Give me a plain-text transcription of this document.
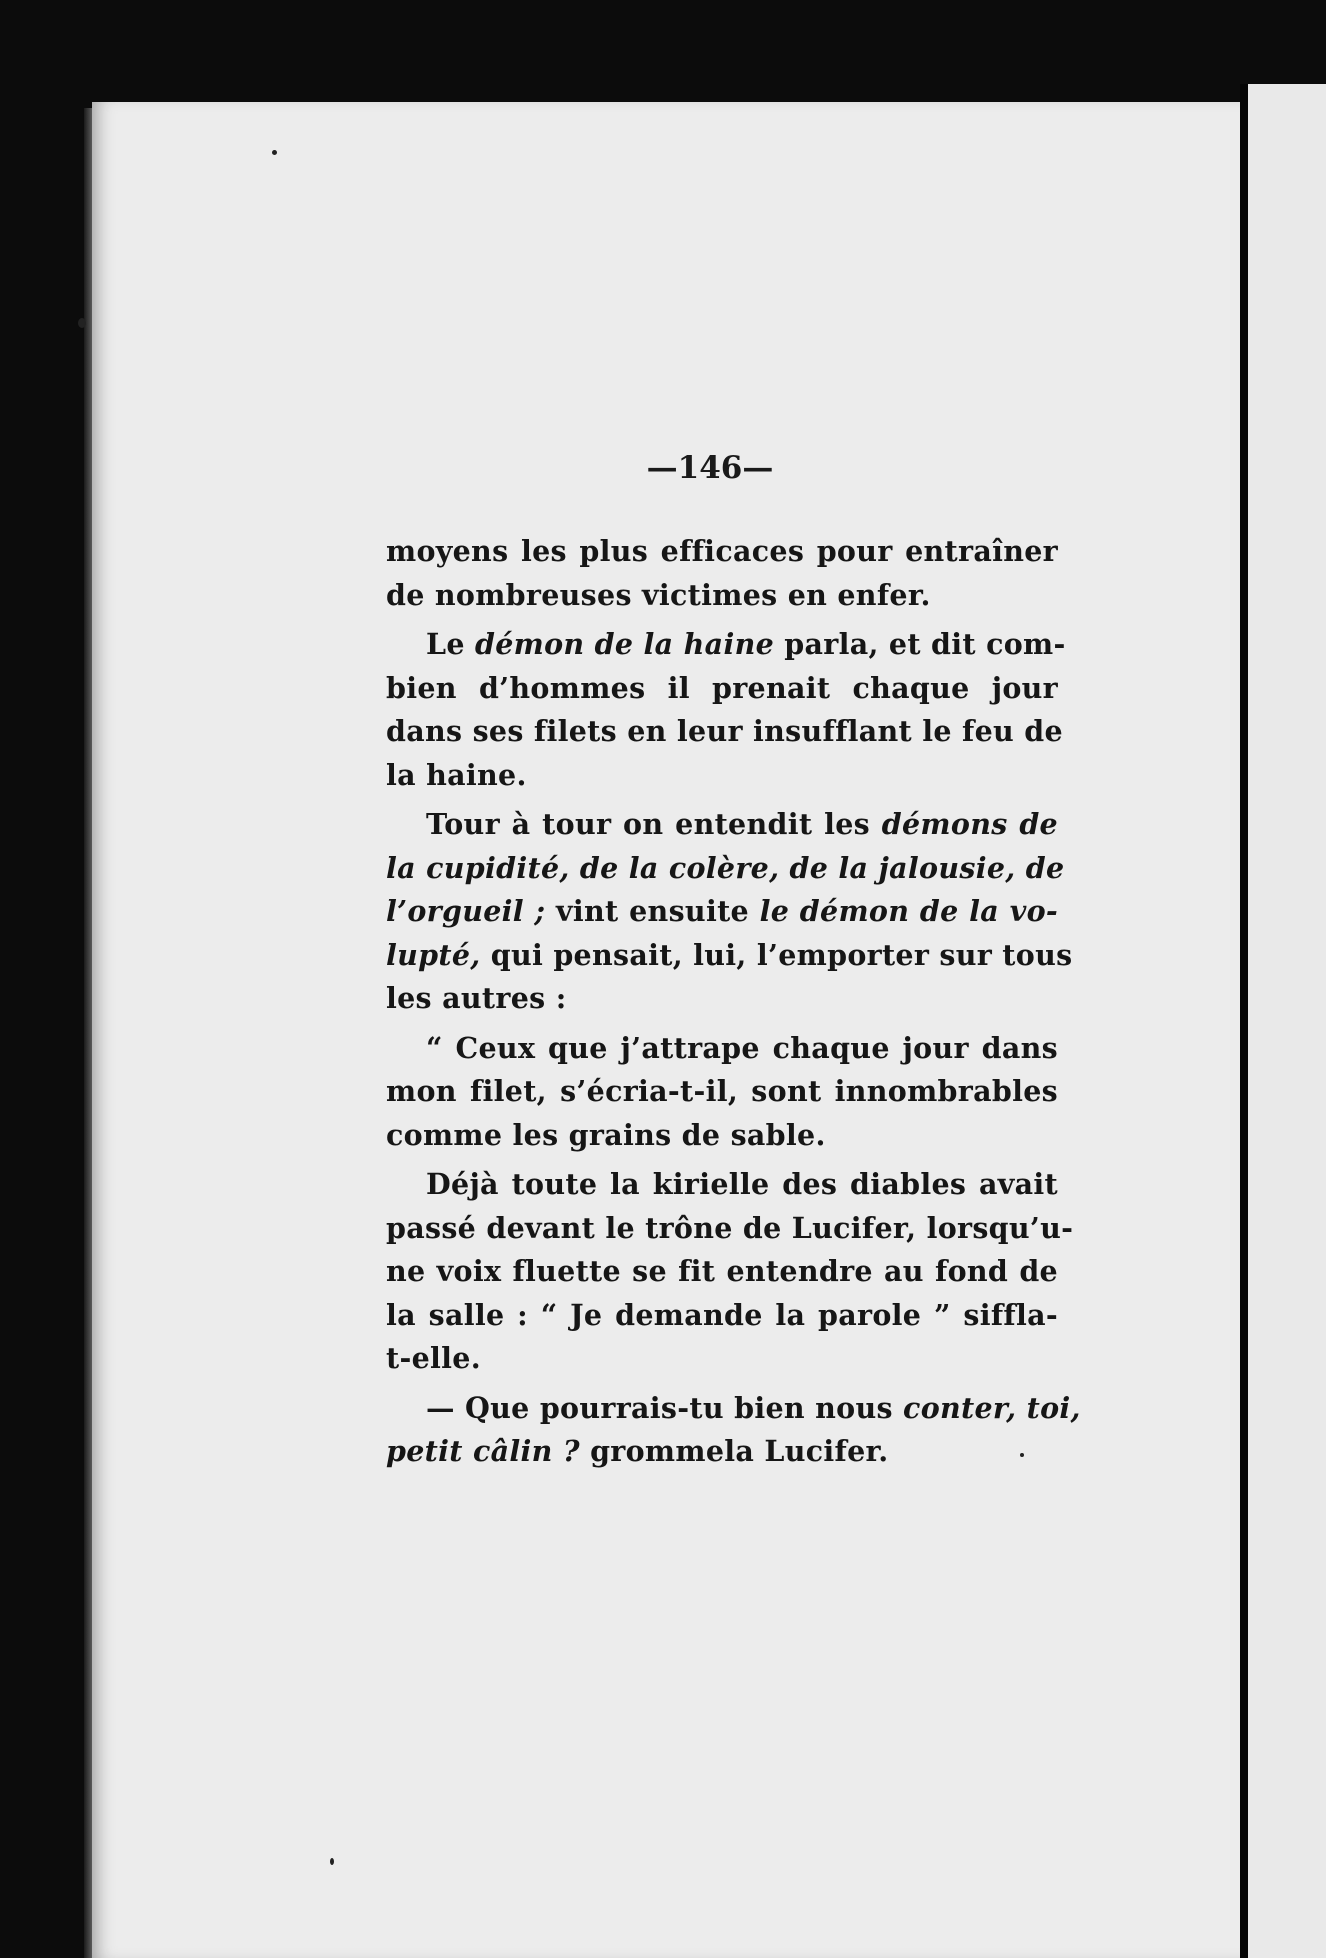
—146—
moyens les plus efficaces pour entraîner
de nombreuses victimes en enfer.
Le démon de la haine parla, et dit com-
bien d’hommes il prenait chaque jour
dans ses filets en leur insufflant le feu de
la haine.
Tour à tour on entendit les démons de
la cupidité, de la colère, de la jalousie, de
l’orgueil ; vint ensuite le démon de la vo-
lupté, qui pensait, lui, l’emporter sur tous
les autres :
“ Ceux que j’attrape chaque jour dans
mon filet, s’écria-t-il, sont innombrables
comme les grains de sable.
Déjà toute la kirielle des diables avait
passé devant le trône de Lucifer, lorsqu’u-
ne voix fluette se fit entendre au fond de
la salle : “ Je demande la parole ” siffla-
t-elle.
— Que pourrais-tu bien nous conter, toi,
petit câlin ? grommela Lucifer.
